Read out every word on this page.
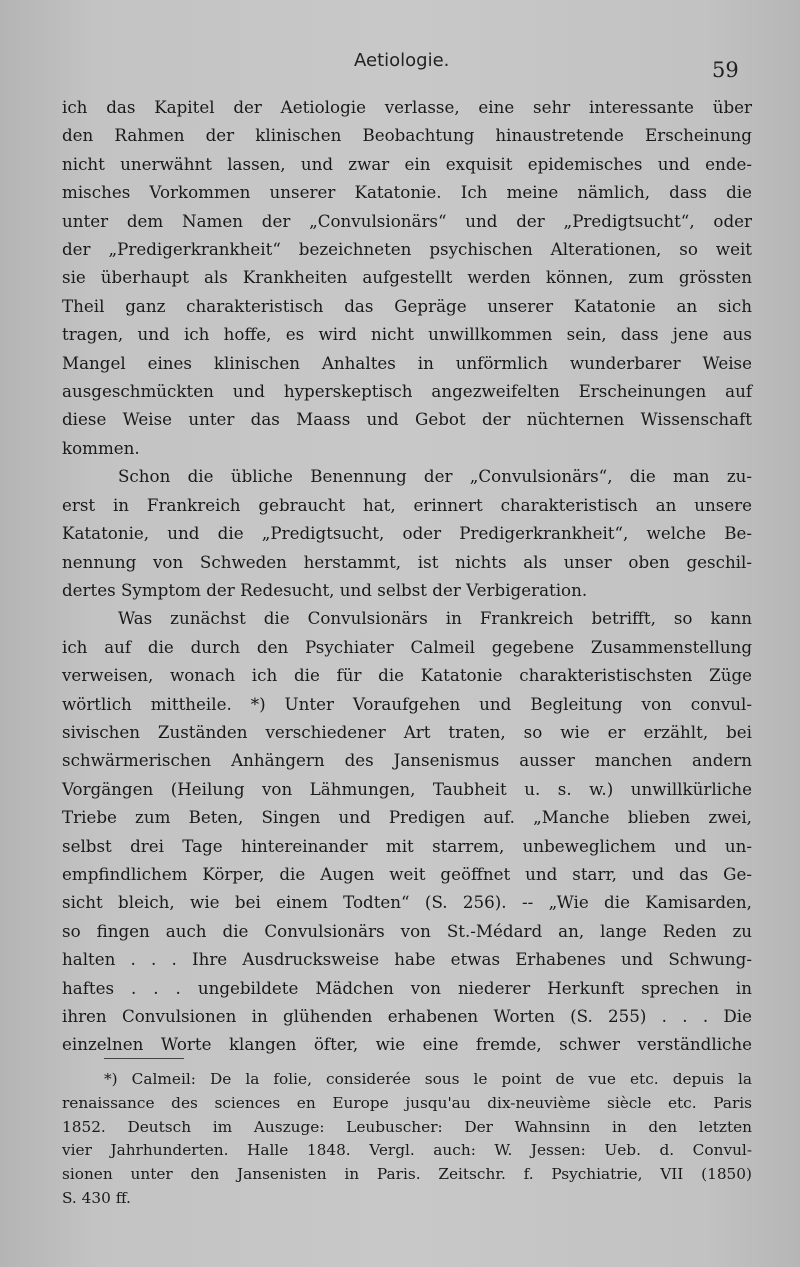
Aetiologie.	59
ich das Kapitel der Aetiologie verlasse, eine sehr interessante über
den Rahmen der klinischen Beobachtung hinaustretende Erscheinung
nicht unerwähnt lassen, und zwar ein exquisit epidemisches und ende-
misches Vorkommen unserer Katatonie. Ich meine nämlich, dass die
unter dem Namen der „Convulsionärs“ und der „Predigtsucht“, oder
der „Predigerkrankheit“ bezeichneten psychischen Alterationen, so weit
sie überhaupt als Krankheiten aufgestellt werden können, zum grössten
Theil ganz charakteristisch das Gepräge unserer Katatonie an sich
tragen, und ich hoffe, es wird nicht unwillkommen sein, dass jene aus
Mangel eines klinischen Anhaltes in unförmlich wunderbarer Weise
ausgeschmückten und hyperskeptisch angezweifelten Erscheinungen auf
diese Weise unter das Maass und Gebot der nüchternen Wissenschaft
kommen.
Schon die übliche Benennung der „Convulsionärs“, die man zu-
erst in Frankreich gebraucht hat, erinnert charakteristisch an unsere
Katatonie, und die „Predigtsucht, oder Predigerkrankheit“, welche Be-
nennung von Schweden herstammt, ist nichts als unser oben geschil-
dertes Symptom der Redesucht, und selbst der Verbigeration.
Was zunächst die Convulsionärs in Frankreich betrifft, so kann
ich auf die durch den Psychiater Calmeil gegebene Zusammenstellung
verweisen, wonach ich die für die Katatonie charakteristischsten Züge
wörtlich mittheile. *) Unter Voraufgehen und Begleitung von convul-
sivischen Zuständen verschiedener Art traten, so wie er erzählt, bei
schwärmerischen Anhängern des Jansenismus ausser manchen andern
Vorgängen (Heilung von Lähmungen, Taubheit u. s. w.) unwillkürliche
Triebe zum Beten, Singen und Predigen auf. „Manche blieben zwei,
selbst drei Tage hintereinander mit starrem, unbeweglichem und un-
empfindlichem Körper, die Augen weit geöffnet und starr, und das Ge-
sicht bleich, wie bei einem Todten“ (S. 256). -- „Wie die Kamisarden,
so fingen auch die Convulsionärs von St.-Médard an, lange Reden zu
halten . . . Ihre Ausdrucksweise habe etwas Erhabenes und Schwung-
haftes . . . ungebildete Mädchen von niederer Herkunft sprechen in
ihren Convulsionen in glühenden erhabenen Worten (S. 255) . . . Die
einzelnen Worte klangen öfter, wie eine fremde, schwer verständliche
*) Calmeil: De la folie, considerée sous le point de vue etc. depuis la
renaissance des sciences en Europe jusqu'au dix-neuvième siècle etc. Paris
1852. Deutsch im Auszuge: Leubuscher: Der Wahnsinn in den letzten
vier Jahrhunderten. Halle 1848. Vergl. auch: W. Jessen: Ueb. d. Convul-
sionen unter den Jansenisten in Paris. Zeitschr. f. Psychiatrie, VII (1850)
S. 430 ff.
